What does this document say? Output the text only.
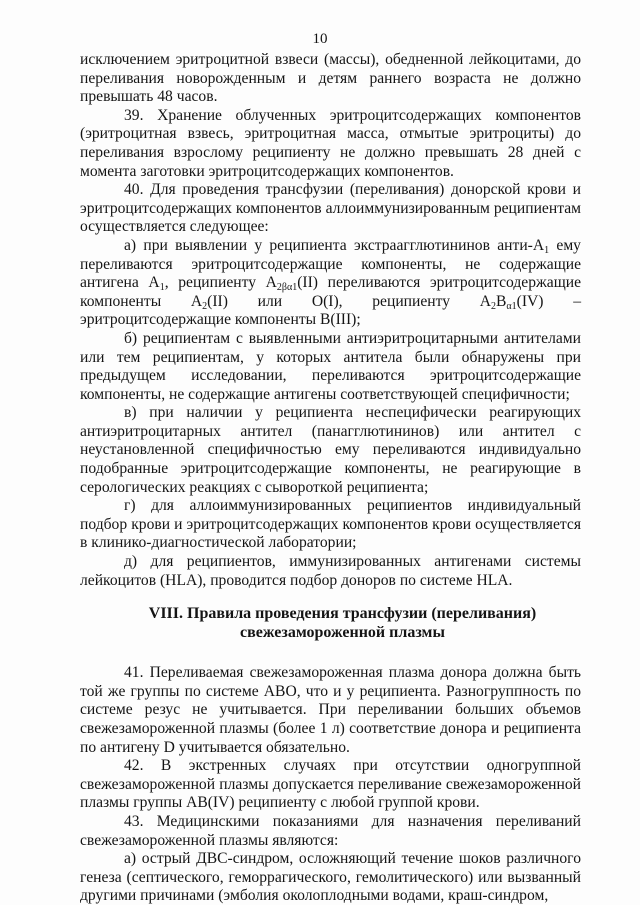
10

исключением эритроцитной взвеси (массы), обедненной лейкоцитами, до переливания новорожденным и детям раннего возраста не должно превышать 48 часов.

39. Хранение облученных эритроцитсодержащих компонентов (эритроцитная взвесь, эритроцитная масса, отмытые эритроциты) до переливания взрослому реципиенту не должно превышать 28 дней с момента заготовки эритроцитсодержащих компонентов.

40. Для проведения трансфузии (переливания) донорской крови и эритроцитсодержащих компонентов аллоиммунизированным реципиентам осуществляется следующее:

а) при выявлении у реципиента экстраагглютининов анти-$А_1$ ему переливаются эритроцитсодержащие компоненты, не содержащие антигена $А_1$, реципиенту $А_{2\beta\alpha 1}(II)$ переливаются эритроцитсодержащие компоненты $А_2(II)$ или О(I), реципиенту $А_2В_{\alpha 1}(IV)$ – эритроцитсодержащие компоненты В(III);

б) реципиентам с выявленными антиэритроцитарными антителами или тем реципиентам, у которых антитела были обнаружены при предыдущем исследовании, переливаются эритроцитсодержащие компоненты, не содержащие антигены соответствующей специфичности;

в) при наличии у реципиента неспецифически реагирующих антиэритроцитарных антител (панагглютининов) или антител с неустановленной специфичностью ему переливаются индивидуально подобранные эритроцитсодержащие компоненты, не реагирующие в серологических реакциях с сывороткой реципиента;

г) для аллоиммунизированных реципиентов индивидуальный подбор крови и эритроцитсодержащих компонентов крови осуществляется в клинико-диагностической лаборатории;

д) для реципиентов, иммунизированных антигенами системы лейкоцитов (HLA), проводится подбор доноров по системе HLA.

VIII. Правила проведения трансфузии (переливания)
свежезамороженной плазмы

41. Переливаемая свежезамороженная плазма донора должна быть той же группы по системе АВО, что и у реципиента. Разногруппность по системе резус не учитывается. При переливании больших объемов свежезамороженной плазмы (более 1 л) соответствие донора и реципиента по антигену D учитывается обязательно.

42. В экстренных случаях при отсутствии одногруппной свежезамороженной плазмы допускается переливание свежезамороженной плазмы группы AB(IV) реципиенту с любой группой крови.

43. Медицинскими показаниями для назначения переливаний свежезамороженной плазмы являются:

а) острый ДВС-синдром, осложняющий течение шоков различного генеза (септического, геморрагического, гемолитического) или вызванный другими причинами (эмболия околоплодными водами, краш-синдром,
